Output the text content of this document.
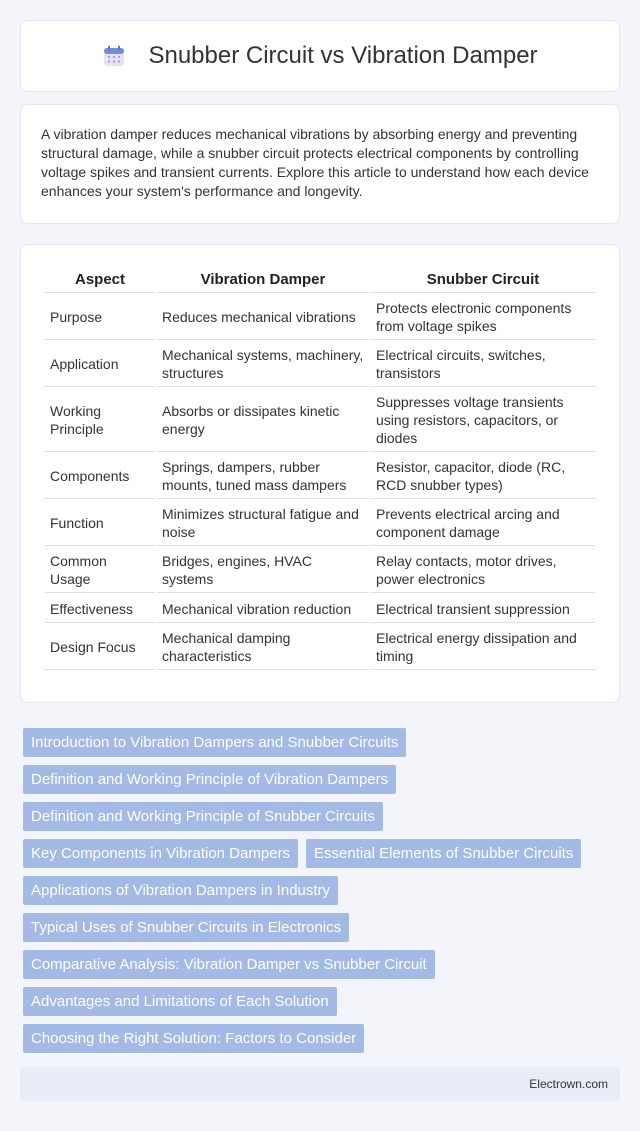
Snubber Circuit vs Vibration Damper

A vibration damper reduces mechanical vibrations by absorbing energy and preventing structural damage, while a snubber circuit protects electrical components by controlling voltage spikes and transient currents. Explore this article to understand how each device enhances your system's performance and longevity.

Aspect	Vibration Damper	Snubber Circuit
Purpose	Reduces mechanical vibrations	Protects electronic components from voltage spikes
Application	Mechanical systems, machinery, structures	Electrical circuits, switches, transistors
Working Principle	Absorbs or dissipates kinetic energy	Suppresses voltage transients using resistors, capacitors, or diodes
Components	Springs, dampers, rubber mounts, tuned mass dampers	Resistor, capacitor, diode (RC, RCD snubber types)
Function	Minimizes structural fatigue and noise	Prevents electrical arcing and component damage
Common Usage	Bridges, engines, HVAC systems	Relay contacts, motor drives, power electronics
Effectiveness	Mechanical vibration reduction	Electrical transient suppression
Design Focus	Mechanical damping characteristics	Electrical energy dissipation and timing
Introduction to Vibration Dampers and Snubber Circuits
Definition and Working Principle of Vibration Dampers
Definition and Working Principle of Snubber Circuits
Key Components in Vibration Dampers Essential Elements of Snubber Circuits
Applications of Vibration Dampers in Industry
Typical Uses of Snubber Circuits in Electronics
Comparative Analysis: Vibration Damper vs Snubber Circuit
Advantages and Limitations of Each Solution
Choosing the Right Solution: Factors to Consider
Electrown.com
